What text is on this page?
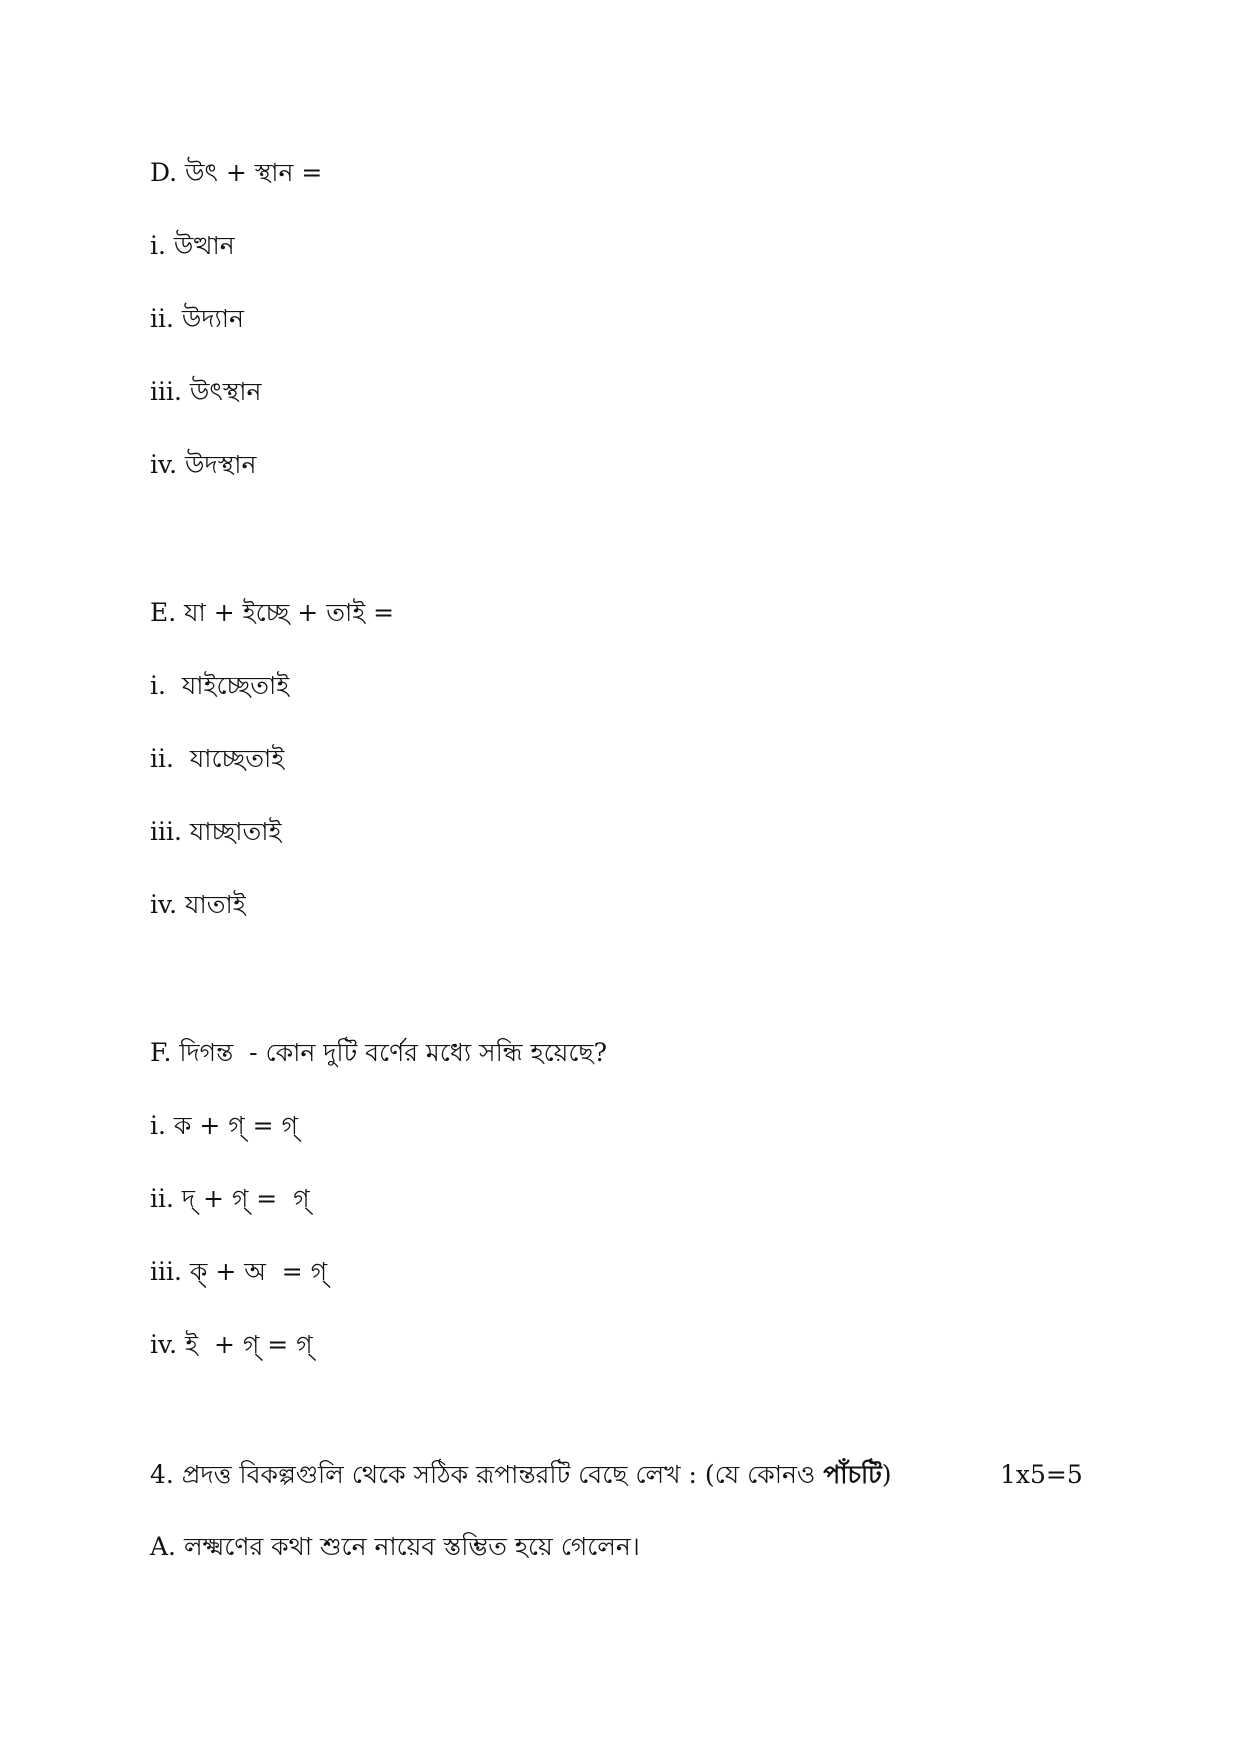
D. উৎ + স্থান =
i. উত্থান
ii. উদ্যান
iii. উৎস্থান
iv. উদস্থান
E. যা + ইচ্ছে + তাই =
i.  যাইচ্ছেতাই
ii.  যাচ্ছেতাই
iii. যাচ্ছাতাই
iv. যাতাই
F. দিগন্ত  - কোন দুটি বর্ণের মধ্যে সন্ধি হয়েছে?
i. ক + গ্ = গ্
ii. দ্ + গ্ =  গ্
iii. ক্ + অ  = গ্
iv. ই  + গ্ = গ্
4. প্রদত্ত বিকল্পগুলি থেকে সঠিক রূপান্তরটি বেছে লেখ : (যে কোনও পাঁচটি)	1x5=5
A. লক্ষ্মণের কথা শুনে নায়েব স্তম্ভিত হয়ে গেলেন।
